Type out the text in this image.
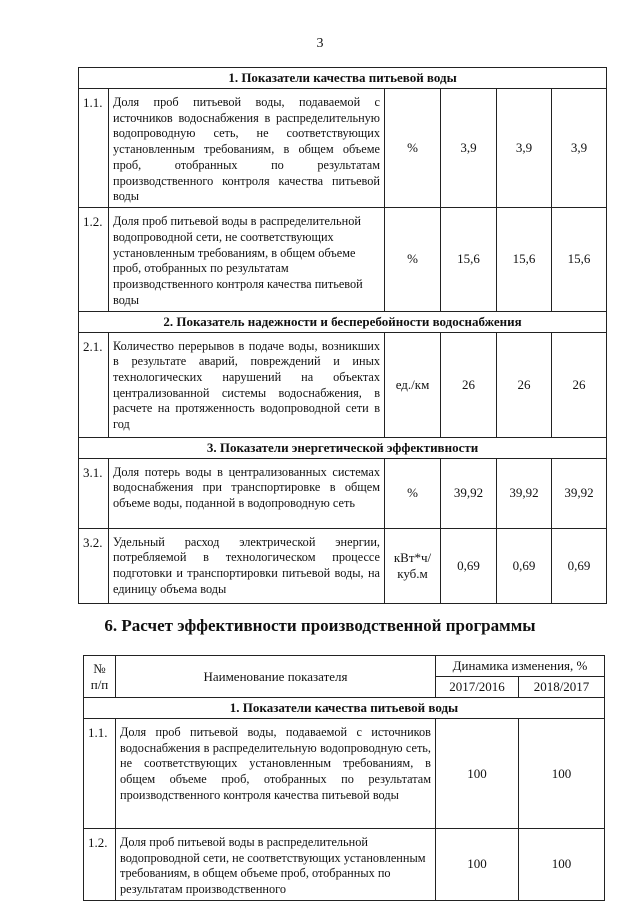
3
1. Показатели качества питьевой воды					
1.1.	Доля проб питьевой воды, подаваемой с источников водоснабжения в распределительную водопроводную сеть, не соответствующих установленным требованиям, в общем объеме проб, отобранных по результатам производственного контроля качества питьевой воды	%	3,9	3,9	3,9
1.2.	Доля проб питьевой воды в распределительной водопроводной сети, не соответствующих установленным требованиям, в общем объеме проб, отобранных по результатам производственного контроля качества питьевой воды	%	15,6	15,6	15,6
2. Показатель надежности и бесперебойности водоснабжения					
2.1.	Количество перерывов в подаче воды, возникших в результате аварий, повреждений и иных технологических нарушений на объектах централизованной системы водоснабжения, в расчете на протяженность водопроводной сети в год	ед./км	26	26	26
3. Показатели энергетической эффективности					
3.1.	Доля потерь воды в централизованных системах водоснабжения при транспортировке в общем объеме воды, поданной в водопроводную сеть	%	39,92	39,92	39,92
3.2.	Удельный расход электрической энергии, потребляемой в технологическом процессе подготовки и транспортировки питьевой воды, на единицу объема воды	кВт*ч/ куб.м	0,69	0,69	0,69
6. Расчет эффективности производственной программы
№ п/п	Наименование показателя	Динамика изменения, %	
		2017/2016	2018/2017
1. Показатели качества питьевой воды			
1.1.	Доля проб питьевой воды, подаваемой с источников водоснабжения в распределительную водопроводную сеть, не соответствующих установленным требованиям, в общем объеме проб, отобранных по результатам производственного контроля качества питьевой воды	100	100
1.2.	Доля проб питьевой воды в распределительной водопроводной сети, не соответствующих установленным требованиям, в общем объеме проб, отобранных по результатам производственного	100	100
